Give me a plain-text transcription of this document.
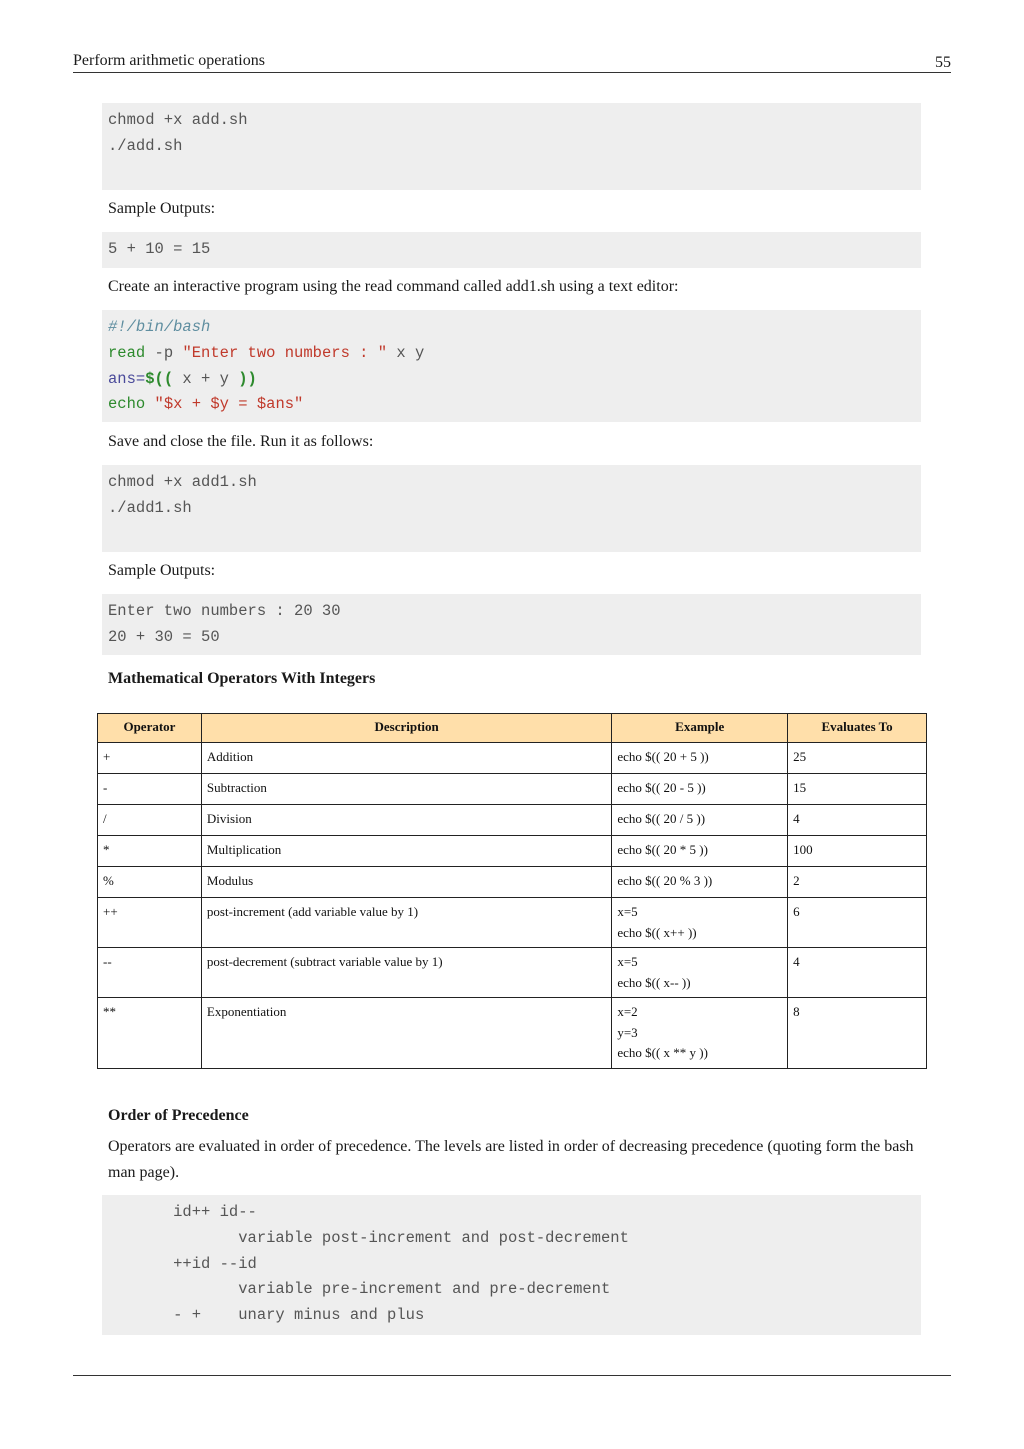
Perform arithmetic operations	55
chmod +x add.sh
./add.sh
Sample Outputs:
5 + 10 = 15
Create an interactive program using the read command called add1.sh using a text editor:
#!/bin/bash
read -p "Enter two numbers : " x y
ans=$(( x + y ))
echo "$x + $y = $ans"
Save and close the file. Run it as follows:
chmod +x add1.sh
./add1.sh
Sample Outputs:
Enter two numbers : 20 30
20 + 30 = 50
Mathematical Operators With Integers
Operator	Description	Example	Evaluates To
+	Addition	echo $(( 20 + 5 ))	25
-	Subtraction	echo $(( 20 - 5 ))	15
/	Division	echo $(( 20 / 5 ))	4
*	Multiplication	echo $(( 20 * 5 ))	100
%	Modulus	echo $(( 20 % 3 ))	2
++	post-increment (add variable value by 1)	x=5
echo $(( x++ ))	6
--	post-decrement (subtract variable value by 1)	x=5
echo $(( x-- ))	4
**	Exponentiation	x=2
y=3
echo $(( x ** y ))	8
Order of Precedence
Operators are evaluated in order of precedence. The levels are listed in order of decreasing precedence (quoting form the bash man page).
id++ id--
variable post-increment and post-decrement
++id --id
variable pre-increment and pre-decrement
- +    unary minus and plus
